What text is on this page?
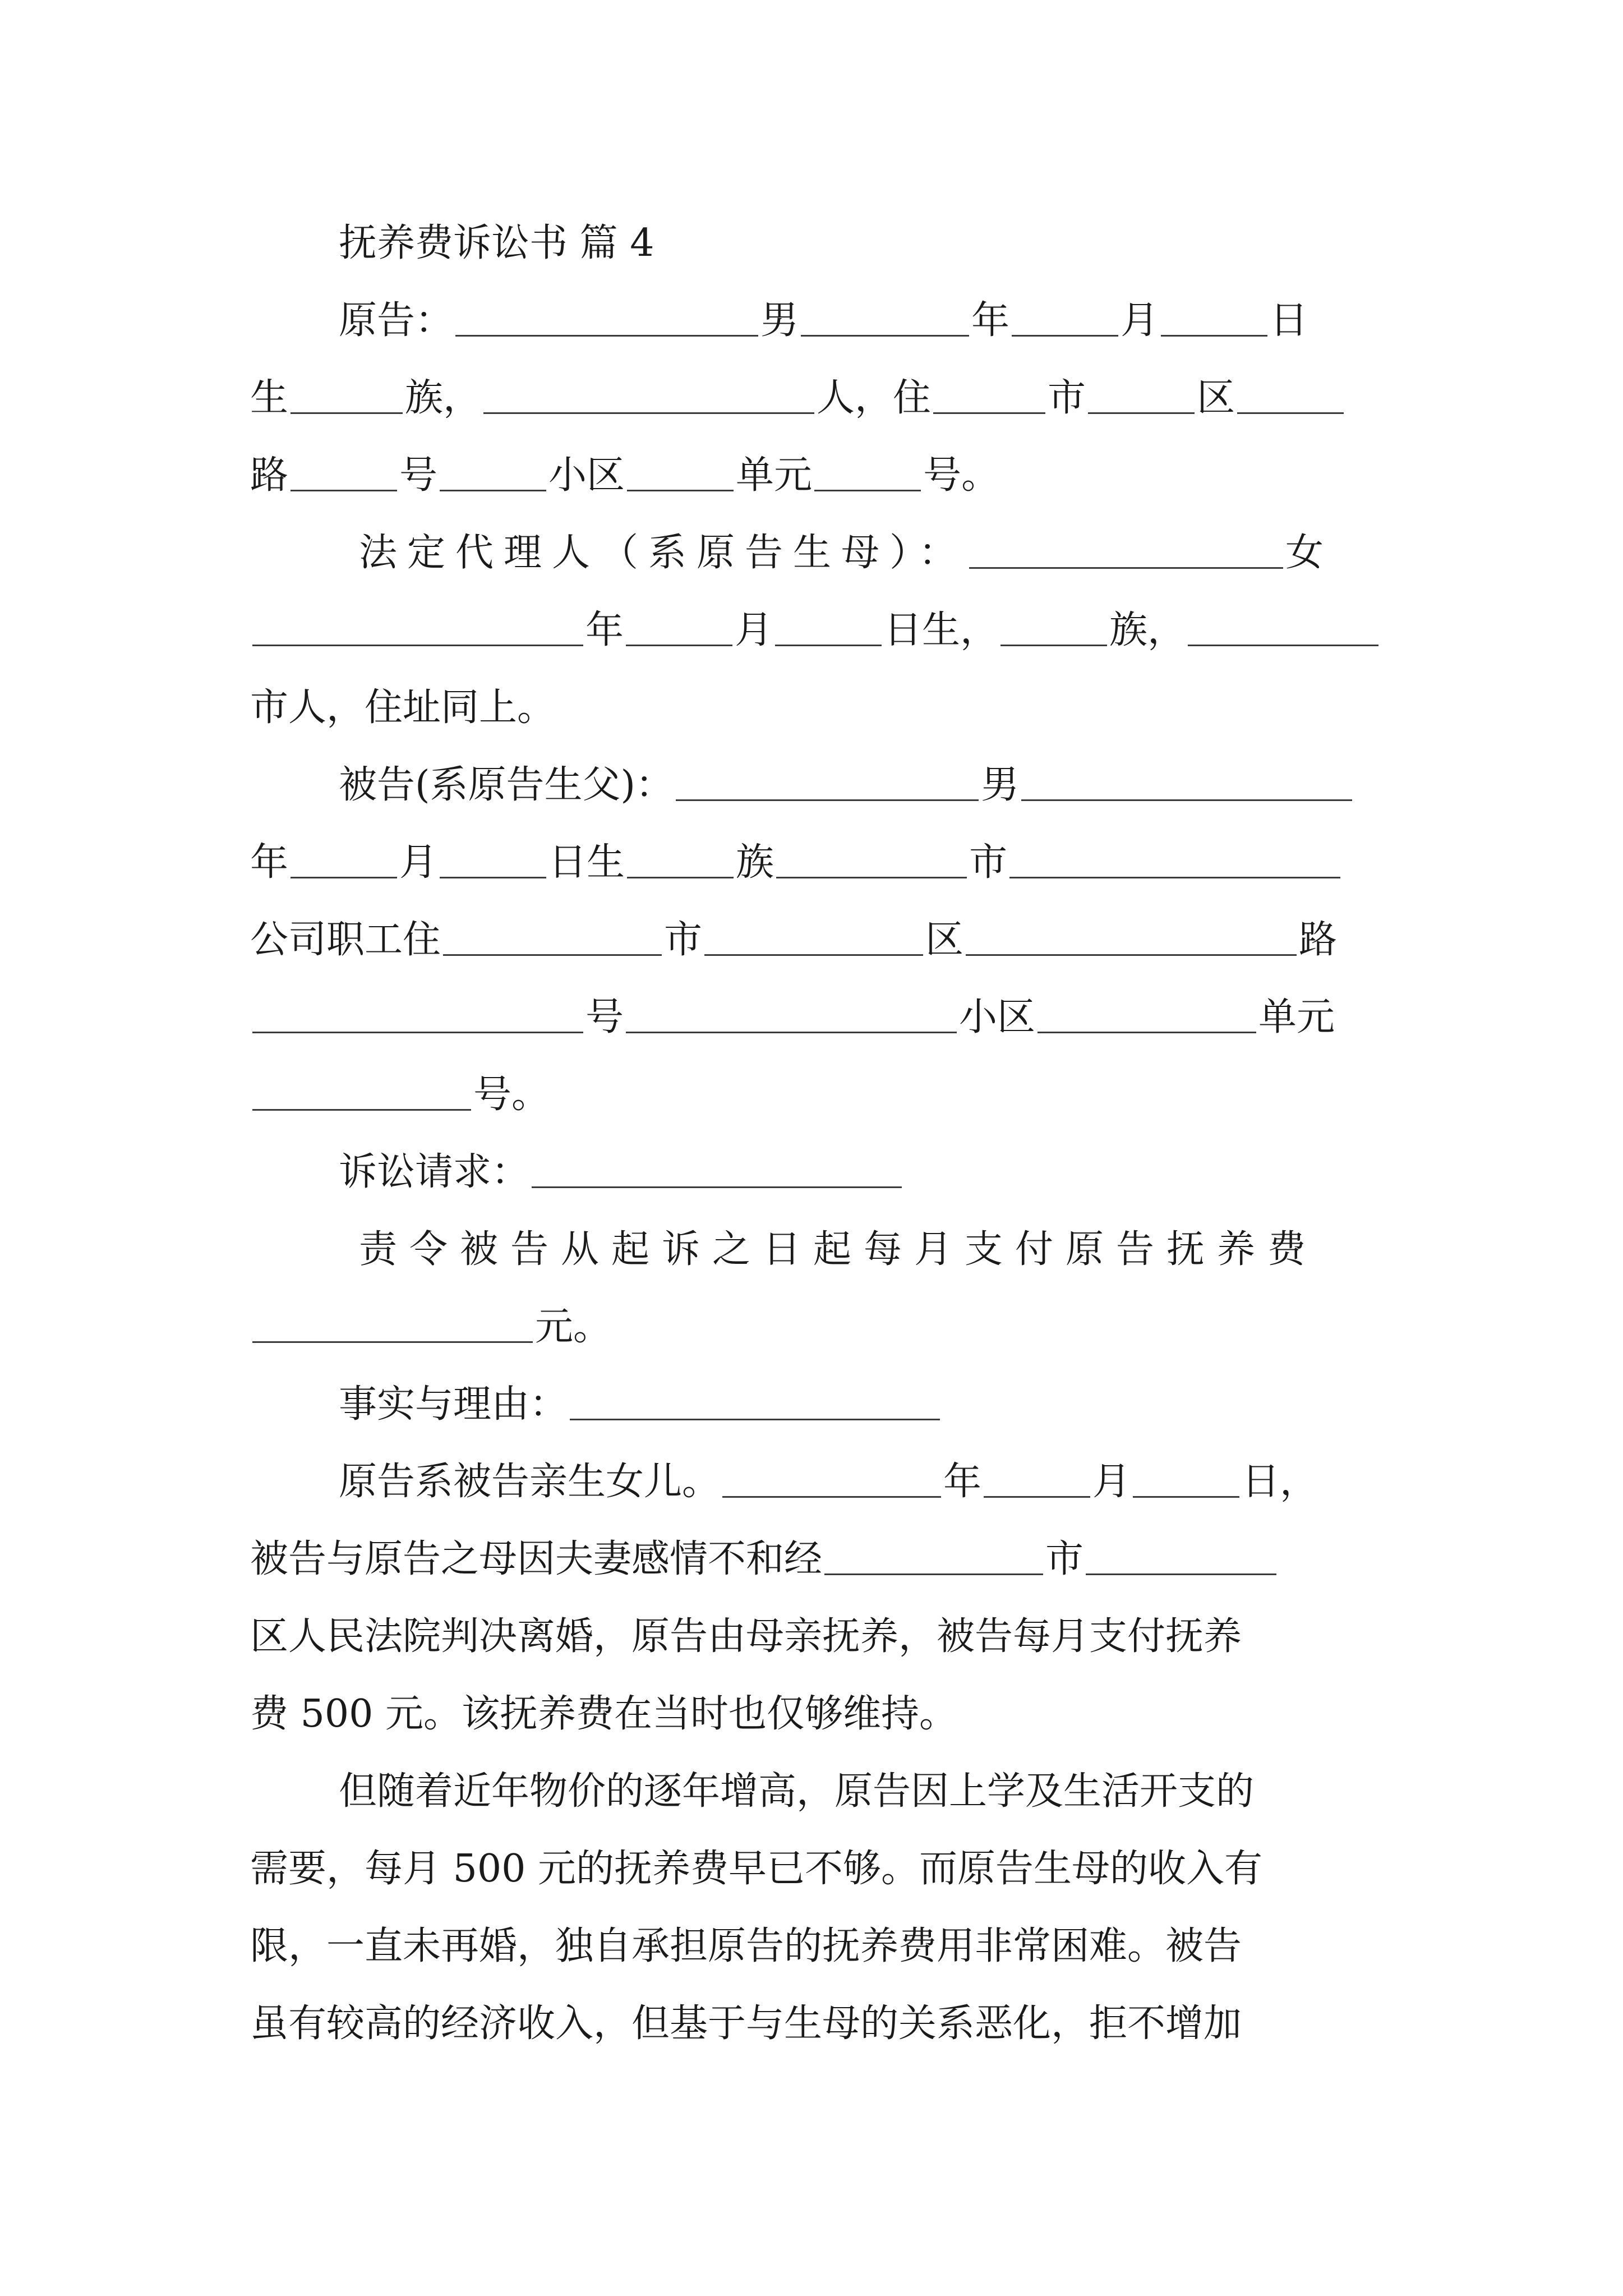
抚养费诉讼书 篇 4
原告：	男	年	月	日
生	族，	人，住	市	区
路	号	小区	单元	号。
法定代理人（系原告生母）：	女
年	月	日生，	族，
市人，住址同上。
被告(系原告生父)：	男
年	月	日生	族	市
公司职工住	市	区	路
号	小区	单元
号。
诉讼请求：
责令被告从起诉之日起每月支付原告抚养费
元。
事实与理由：
原告系被告亲生女儿。	年	月	日，
被告与原告之母因夫妻感情不和经	市
区人民法院判决离婚，原告由母亲抚养，被告每月支付抚养
费 500 元。该抚养费在当时也仅够维持。
但随着近年物价的逐年增高，原告因上学及生活开支的
需要，每月 500 元的抚养费早已不够。而原告生母的收入有
限，一直未再婚，独自承担原告的抚养费用非常困难。被告
虽有较高的经济收入，但基于与生母的关系恶化，拒不增加
